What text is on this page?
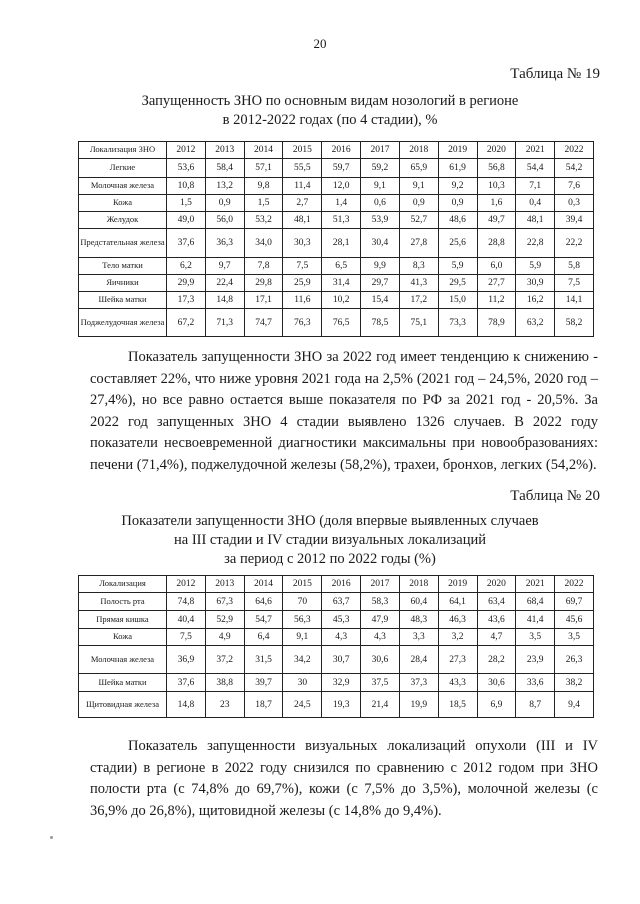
20
Таблица № 19
Запущенность ЗНО по основным видам нозологий в регионе
в 2012-2022 годах (по 4 стадии), %
Локализация ЗНО	2012	2013	2014	2015	2016	2017	2018	2019	2020	2021	2022
Легкие	53,6	58,4	57,1	55,5	59,7	59,2	65,9	61,9	56,8	54,4	54,2
Молочная железа	10,8	13,2	9,8	11,4	12,0	9,1	9,1	9,2	10,3	7,1	7,6
Кожа	1,5	0,9	1,5	2,7	1,4	0,6	0,9	0,9	1,6	0,4	0,3
Желудок	49,0	56,0	53,2	48,1	51,3	53,9	52,7	48,6	49,7	48,1	39,4
Предстательная железа	37,6	36,3	34,0	30,3	28,1	30,4	27,8	25,6	28,8	22,8	22,2
Тело матки	6,2	9,7	7,8	7,5	6,5	9,9	8,3	5,9	6,0	5,9	5,8
Яичники	29,9	22,4	29,8	25,9	31,4	29,7	41,3	29,5	27,7	30,9	7,5
Шейка матки	17,3	14,8	17,1	11,6	10,2	15,4	17,2	15,0	11,2	16,2	14,1
Поджелудочная железа	67,2	71,3	74,7	76,3	76,5	78,5	75,1	73,3	78,9	63,2	58,2
Показатель запущенности ЗНО за 2022 год имеет тенденцию к снижению - составляет 22%, что ниже уровня 2021 года на 2,5% (2021 год – 24,5%, 2020 год – 27,4%), но все равно остается выше показателя по РФ за 2021 год - 20,5%. За 2022 год запущенных ЗНО 4 стадии выявлено 1326 случаев. В 2022 году показатели несвоевременной диагностики максимальны при новообразованиях: печени (71,4%), поджелудочной железы (58,2%), трахеи, бронхов, легких (54,2%).
Таблица № 20
Показатели запущенности ЗНО (доля впервые выявленных случаев
на III стадии и IV стадии визуальных локализаций
за период с 2012 по 2022 годы (%)
Локализация	2012	2013	2014	2015	2016	2017	2018	2019	2020	2021	2022
Полость рта	74,8	67,3	64,6	70	63,7	58,3	60,4	64,1	63,4	68,4	69,7
Прямая кишка	40,4	52,9	54,7	56,3	45,3	47,9	48,3	46,3	43,6	41,4	45,6
Кожа	7,5	4,9	6,4	9,1	4,3	4,3	3,3	3,2	4,7	3,5	3,5
Молочная железа	36,9	37,2	31,5	34,2	30,7	30,6	28,4	27,3	28,2	23,9	26,3
Шейка матки	37,6	38,8	39,7	30	32,9	37,5	37,3	43,3	30,6	33,6	38,2
Щитовидная железа	14,8	23	18,7	24,5	19,3	21,4	19,9	18,5	6,9	8,7	9,4
Показатель запущенности визуальных локализаций опухоли (III и IV стадии) в регионе в 2022 году снизился по сравнению с 2012 годом при ЗНО полости рта (с 74,8% до 69,7%), кожи (с 7,5% до 3,5%), молочной железы (с 36,9% до 26,8%), щитовидной железы (с 14,8% до 9,4%).
